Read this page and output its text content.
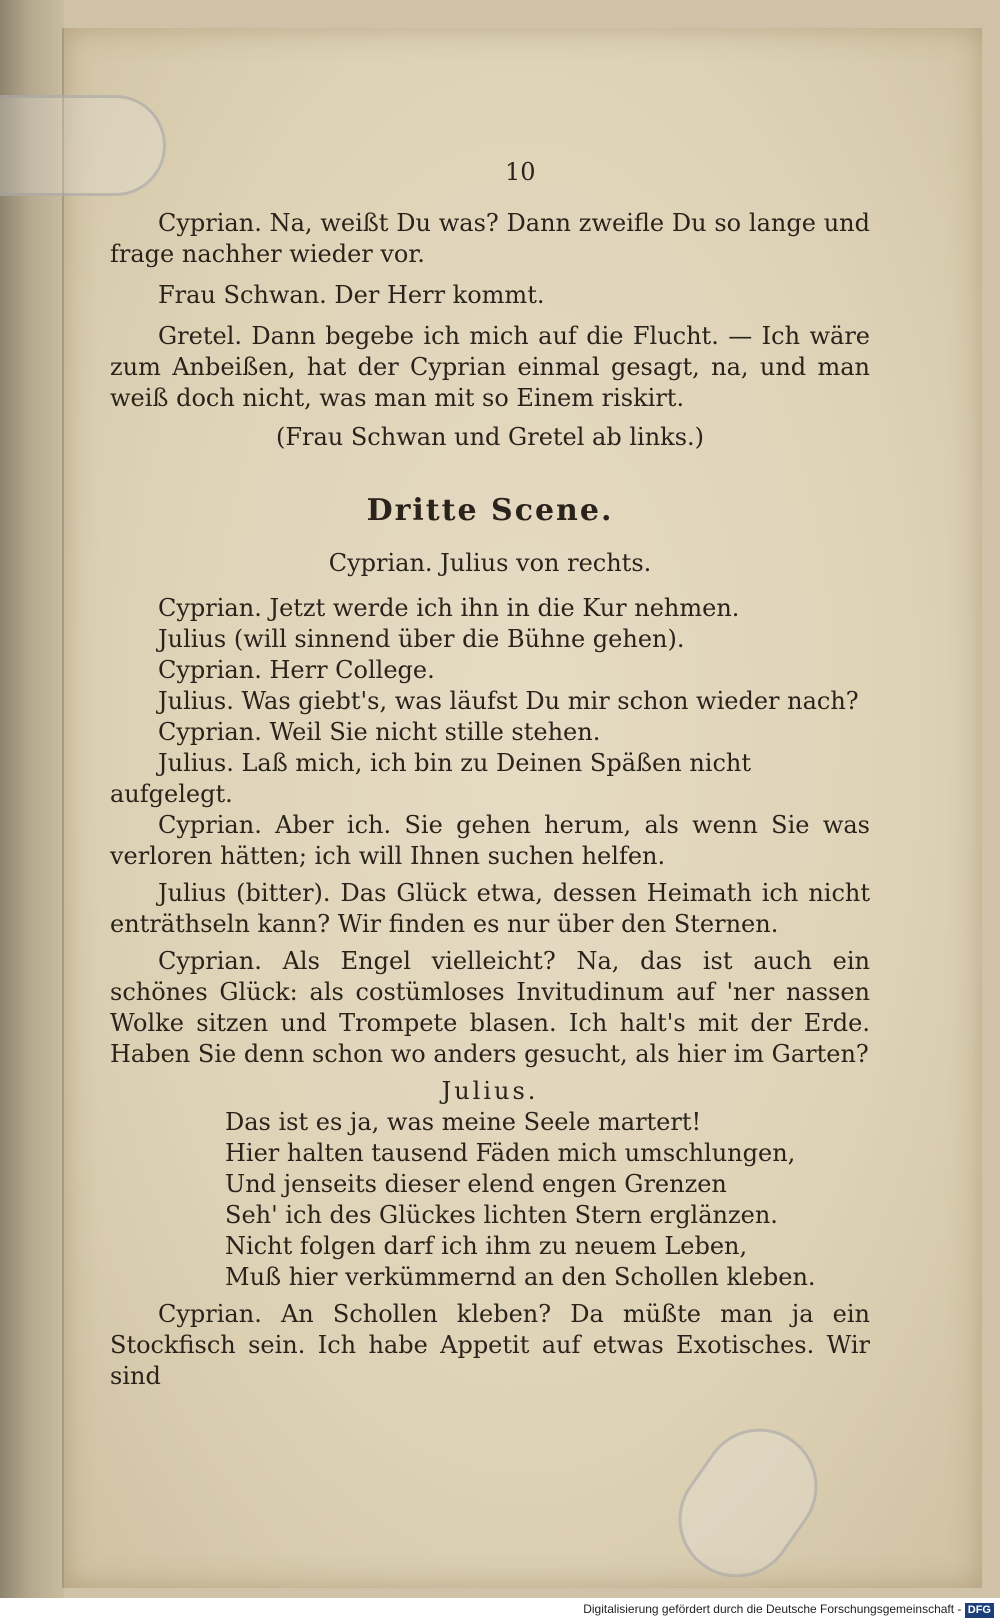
10

Cyprian. Na, weißt Du was? Dann zweifle Du so lange und frage nachher wieder vor.

Frau Schwan. Der Herr kommt.

Gretel. Dann begebe ich mich auf die Flucht. — Ich wäre zum Anbeißen, hat der Cyprian einmal gesagt, na, und man weiß doch nicht, was man mit so Einem riskirt.

(Frau Schwan und Gretel ab links.)

Dritte Scene.

Cyprian. Julius von rechts.

Cyprian. Jetzt werde ich ihn in die Kur nehmen.

Julius (will sinnend über die Bühne gehen).

Cyprian. Herr College.

Julius. Was giebt's, was läufst Du mir schon wieder nach?

Cyprian. Weil Sie nicht stille stehen.

Julius. Laß mich, ich bin zu Deinen Späßen nicht aufgelegt.

Cyprian. Aber ich. Sie gehen herum, als wenn Sie was verloren hätten; ich will Ihnen suchen helfen.

Julius (bitter). Das Glück etwa, dessen Heimath ich nicht enträthseln kann? Wir finden es nur über den Sternen.

Cyprian. Als Engel vielleicht? Na, das ist auch ein schönes Glück: als costümloses Invitudinum auf 'ner nassen Wolke sitzen und Trompete blasen. Ich halt's mit der Erde. Haben Sie denn schon wo anders gesucht, als hier im Garten?

Julius.

Das ist es ja, was meine Seele martert!

Hier halten tausend Fäden mich umschlungen,

Und jenseits dieser elend engen Grenzen

Seh' ich des Glückes lichten Stern erglänzen.

Nicht folgen darf ich ihm zu neuem Leben,

Muß hier verkümmernd an den Schollen kleben.

Cyprian. An Schollen kleben? Da müßte man ja ein Stockfisch sein. Ich habe Appetit auf etwas Exotisches. Wir sind

Digitalisierung gefördert durch die Deutsche Forschungsgemeinschaft - DFG
